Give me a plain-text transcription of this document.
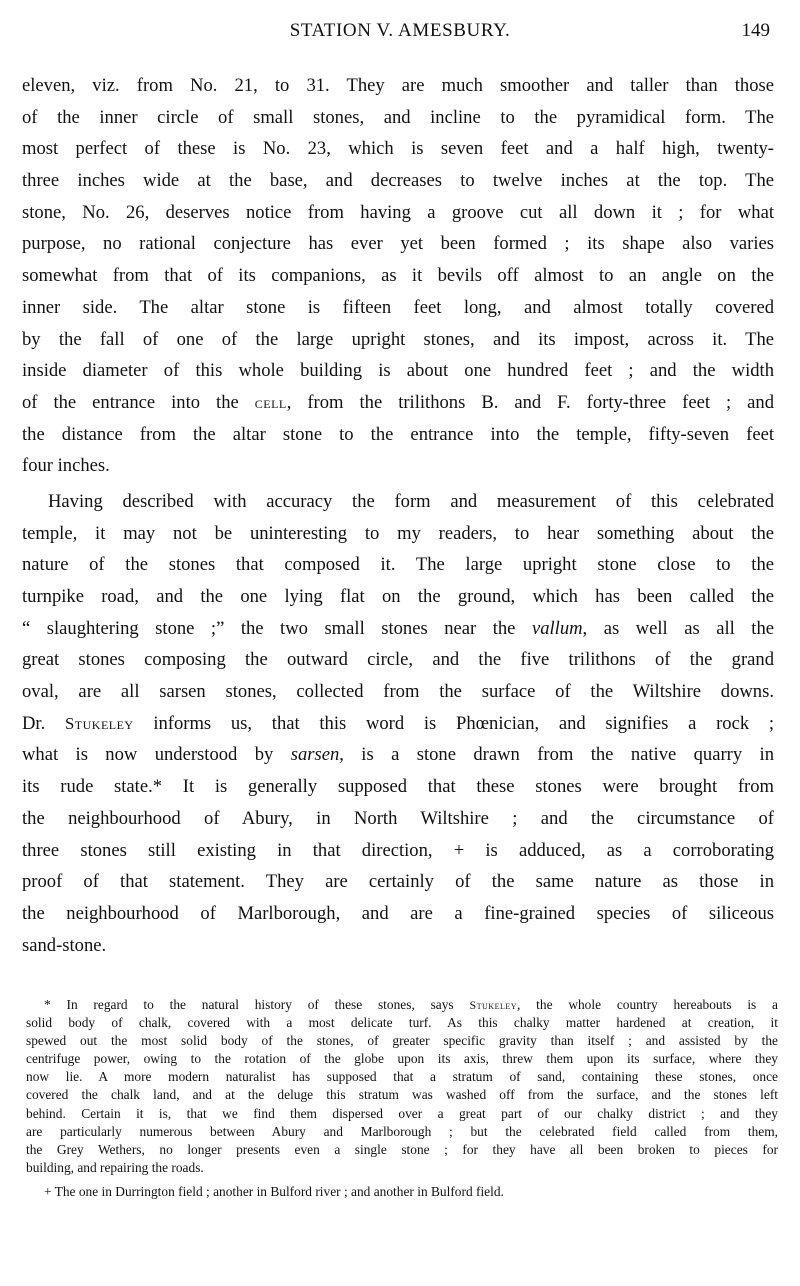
STATION V. AMESBURY.	149
eleven, viz. from No. 21, to 31. They are much smoother and taller than those
of the inner circle of small stones, and incline to the pyramidical form. The
most perfect of these is No. 23, which is seven feet and a half high, twenty-
three inches wide at the base, and decreases to twelve inches at the top. The
stone, No. 26, deserves notice from having a groove cut all down it ; for what
purpose, no rational conjecture has ever yet been formed ; its shape also varies
somewhat from that of its companions, as it bevils off almost to an angle on the
inner side. The altar stone is fifteen feet long, and almost totally covered
by the fall of one of the large upright stones, and its impost, across it. The
inside diameter of this whole building is about one hundred feet ; and the width
of the entrance into the cell, from the trilithons B. and F. forty-three feet ; and
the distance from the altar stone to the entrance into the temple, fifty-seven feet
four inches.
Having described with accuracy the form and measurement of this celebrated
temple, it may not be uninteresting to my readers, to hear something about the
nature of the stones that composed it. The large upright stone close to the
turnpike road, and the one lying flat on the ground, which has been called the
“ slaughtering stone ;” the two small stones near the vallum, as well as all the
great stones composing the outward circle, and the five trilithons of the grand
oval, are all sarsen stones, collected from the surface of the Wiltshire downs.
Dr. Stukeley informs us, that this word is Phœnician, and signifies a rock ;
what is now understood by sarsen, is a stone drawn from the native quarry in
its rude state.* It is generally supposed that these stones were brought from
the neighbourhood of Abury, in North Wiltshire ; and the circumstance of
three stones still existing in that direction, + is adduced, as a corroborating
proof of that statement. They are certainly of the same nature as those in
the neighbourhood of Marlborough, and are a fine-grained species of siliceous
sand-stone.
* In regard to the natural history of these stones, says Stukeley, the whole country hereabouts is a
solid body of chalk, covered with a most delicate turf. As this chalky matter hardened at creation, it
spewed out the most solid body of the stones, of greater specific gravity than itself ; and assisted by the
centrifuge power, owing to the rotation of the globe upon its axis, threw them upon its surface, where they
now lie. A more modern naturalist has supposed that a stratum of sand, containing these stones, once
covered the chalk land, and at the deluge this stratum was washed off from the surface, and the stones left
behind. Certain it is, that we find them dispersed over a great part of our chalky district ; and they
are particularly numerous between Abury and Marlborough ; but the celebrated field called from them,
the Grey Wethers, no longer presents even a single stone ; for they have all been broken to pieces for
building, and repairing the roads.
+ The one in Durrington field ; another in Bulford river ; and another in Bulford field.
